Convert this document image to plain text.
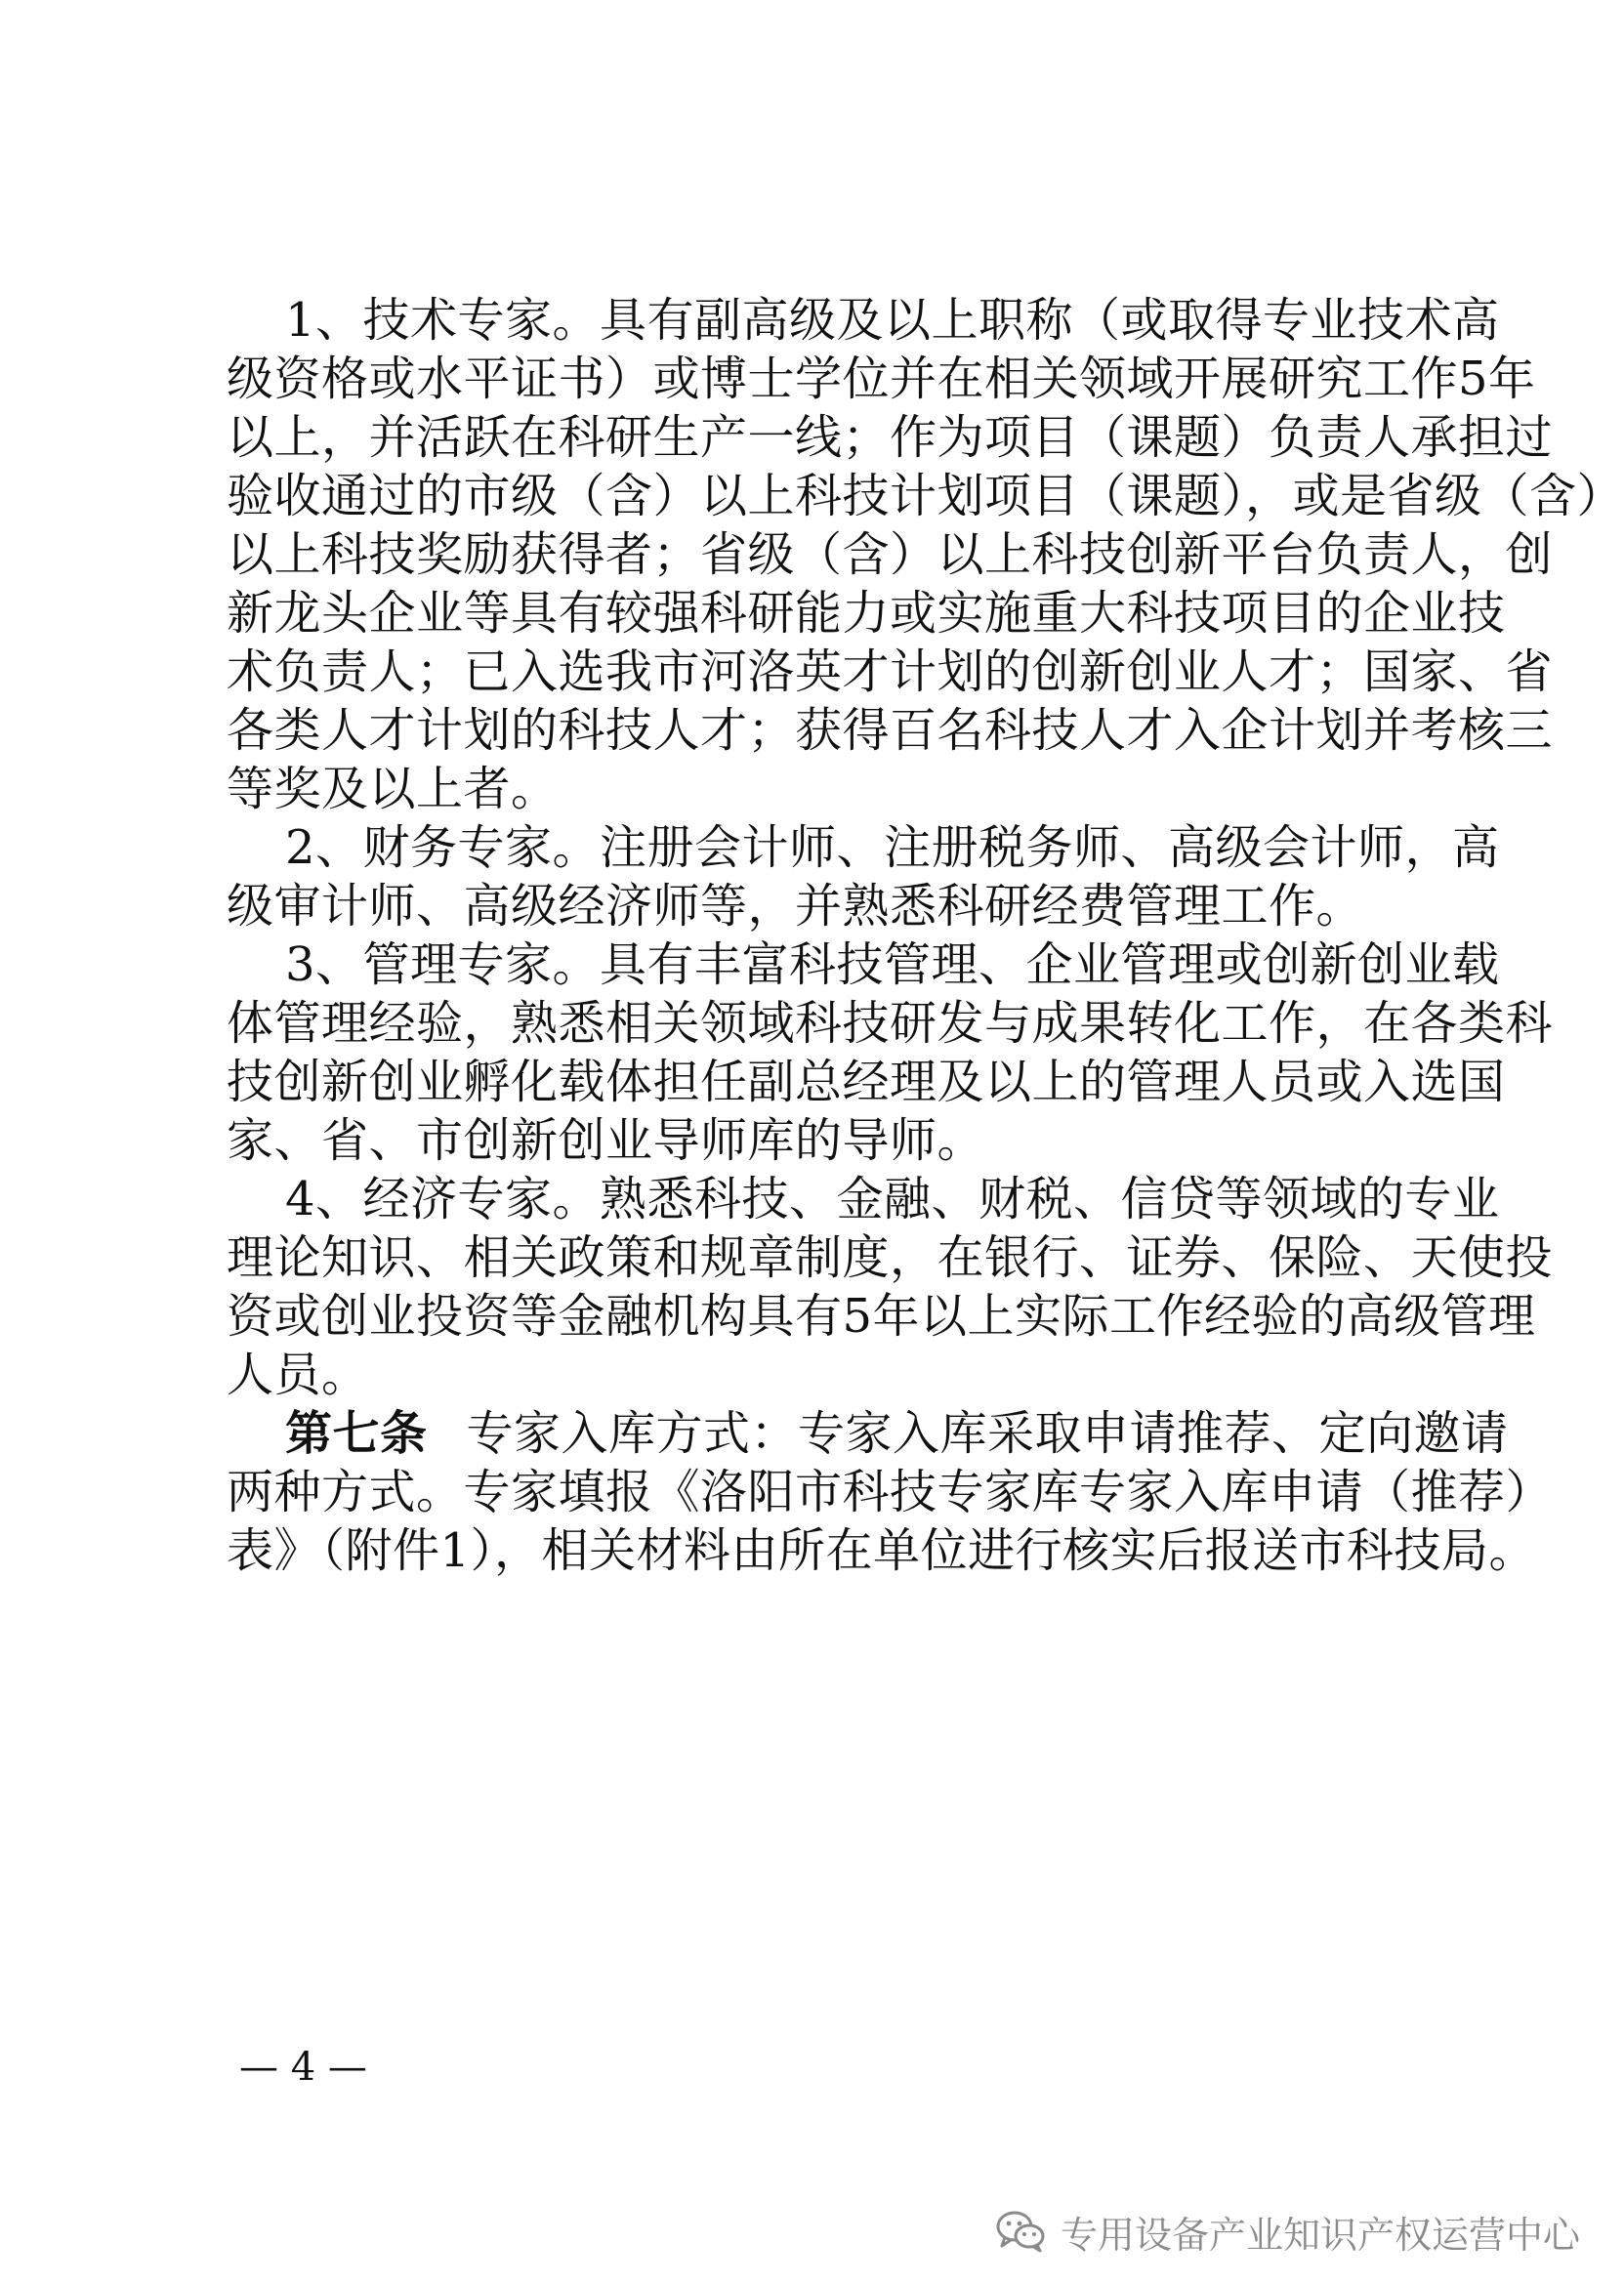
1、技术专家。具有副高级及以上职称（或取得专业技术高
级资格或水平证书）或博士学位并在相关领域开展研究工作5年
以上，并活跃在科研生产一线；作为项目（课题）负责人承担过
验收通过的市级（含）以上科技计划项目（课题），或是省级（含）
以上科技奖励获得者；省级（含）以上科技创新平台负责人，创
新龙头企业等具有较强科研能力或实施重大科技项目的企业技
术负责人；已入选我市河洛英才计划的创新创业人才；国家、省
各类人才计划的科技人才；获得百名科技人才入企计划并考核三
等奖及以上者。
2、财务专家。注册会计师、注册税务师、高级会计师，高
级审计师、高级经济师等，并熟悉科研经费管理工作。
3、管理专家。具有丰富科技管理、企业管理或创新创业载
体管理经验，熟悉相关领域科技研发与成果转化工作，在各类科
技创新创业孵化载体担任副总经理及以上的管理人员或入选国
家、省、市创新创业导师库的导师。
4、经济专家。熟悉科技、金融、财税、信贷等领域的专业
理论知识、相关政策和规章制度，在银行、证券、保险、天使投
资或创业投资等金融机构具有5年以上实际工作经验的高级管理
人员。
第七条 专家入库方式：专家入库采取申请推荐、定向邀请
两种方式。专家填报《洛阳市科技专家库专家入库申请（推荐）
表》（附件1），相关材料由所在单位进行核实后报送市科技局。
— 4 —
专用设备产业知识产权运营中心
